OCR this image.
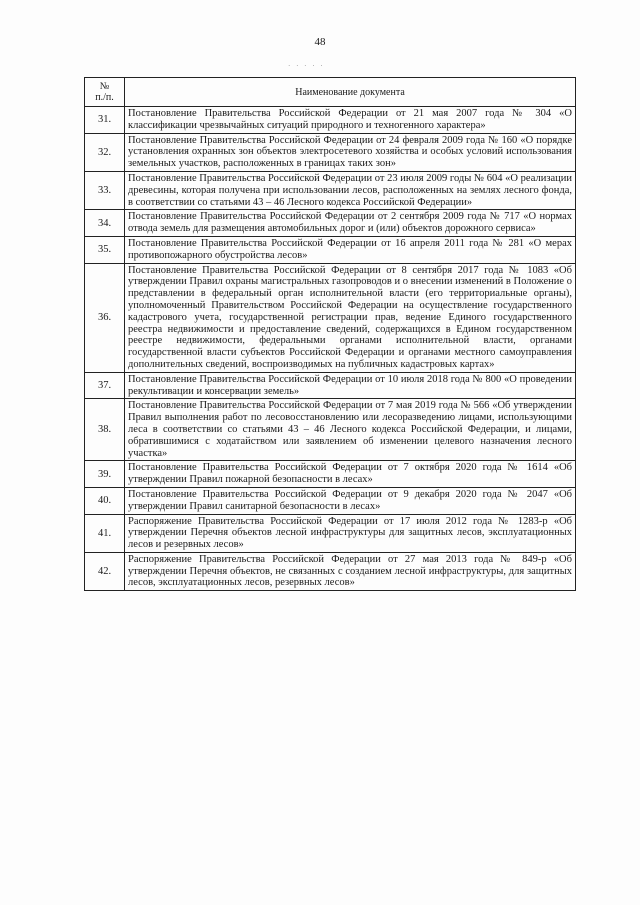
48
· · · · ·
№
п./п.	Наименование документа
31.	Постановление Правительства Российской Федерации от 21 мая 2007 года № 304 «О классификации чрезвычайных ситуаций природного и техногенного характера»
32.	Постановление Правительства Российской Федерации от 24 февраля 2009 года № 160 «О порядке установления охранных зон объектов электросетевого хозяйства и особых условий использования земельных участков, расположенных в границах таких зон»
33.	Постановление Правительства Российской Федерации от 23 июля 2009 годы № 604 «О реализации древесины, которая получена при использовании лесов, расположенных на землях лесного фонда, в соответствии со статьями 43 – 46 Лесного кодекса Российской Федерации»
34.	Постановление Правительства Российской Федерации от 2 сентября 2009 года № 717 «О нормах отвода земель для размещения автомобильных дорог и (или) объектов дорожного сервиса»
35.	Постановление Правительства Российской Федерации от 16 апреля 2011 года № 281 «О мерах противопожарного обустройства лесов»
36.	Постановление Правительства Российской Федерации от 8 сентября 2017 года № 1083 «Об утверждении Правил охраны магистральных газопроводов и о внесении изменений в Положение о представлении в федеральный орган исполнительной власти (его территориальные органы), уполномоченный Правительством Российской Федерации на осуществление государственного кадастрового учета, государственной регистрации прав, ведение Единого государственного реестра недвижимости и предоставление сведений, содержащихся в Едином государственном реестре недвижимости, федеральными органами исполнительной власти, органами государственной власти субъектов Российской Федерации и органами местного самоуправления дополнительных сведений, воспроизводимых на публичных кадастровых картах»
37.	Постановление Правительства Российской Федерации от 10 июля 2018 года № 800 «О проведении рекультивации и консервации земель»
38.	Постановление Правительства Российской Федерации от 7 мая 2019 года № 566 «Об утверждении Правил выполнения работ по лесовосстановлению или лесоразведению лицами, использующими леса в соответствии со статьями 43 – 46 Лесного кодекса Российской Федерации, и лицами, обратившимися с ходатайством или заявлением об изменении целевого назначения лесного участка»
39.	Постановление Правительства Российской Федерации от 7 октября 2020 года № 1614 «Об утверждении Правил пожарной безопасности в лесах»
40.	Постановление Правительства Российской Федерации от 9 декабря 2020 года № 2047 «Об утверждении Правил санитарной безопасности в лесах»
41.	Распоряжение Правительства Российской Федерации от 17 июля 2012 года № 1283-р «Об утверждении Перечня объектов лесной инфраструктуры для защитных лесов, эксплуатационных лесов и резервных лесов»
42.	Распоряжение Правительства Российской Федерации от 27 мая 2013 года № 849-р «Об утверждении Перечня объектов, не связанных с созданием лесной инфраструктуры, для защитных лесов, эксплуатационных лесов, резервных лесов»
